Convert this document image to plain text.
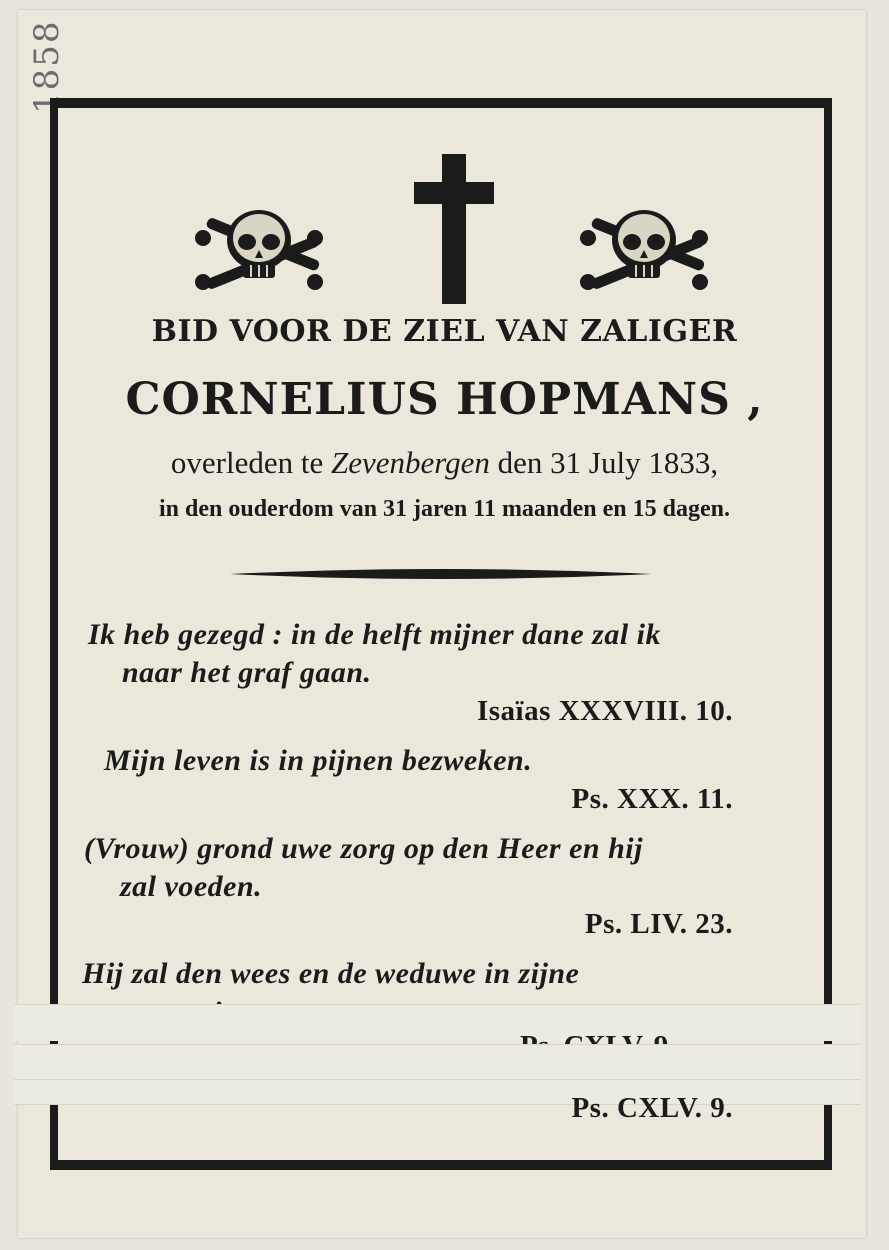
1858
BID VOOR DE ZIEL VAN ZALIGER
CORNELIUS HOPMANS ,
overleden te Zevenbergen den 31 July 1833,
in den ouderdom van 31 jaren 11 maanden en 15 dagen.
Ik heb gezegd : in de helft mijner dane zal ik
naar het graf gaan.
Isaïas XXXVIII. 10.
Mijn leven is in pijnen bezweken.
Ps. XXX. 11.
(Vrouw) grond uwe zorg op den Heer en hij
zal voeden.
Ps. LIV. 23.
Hij zal den wees en de weduwe in zijne
Ps. CXLV. 9.
